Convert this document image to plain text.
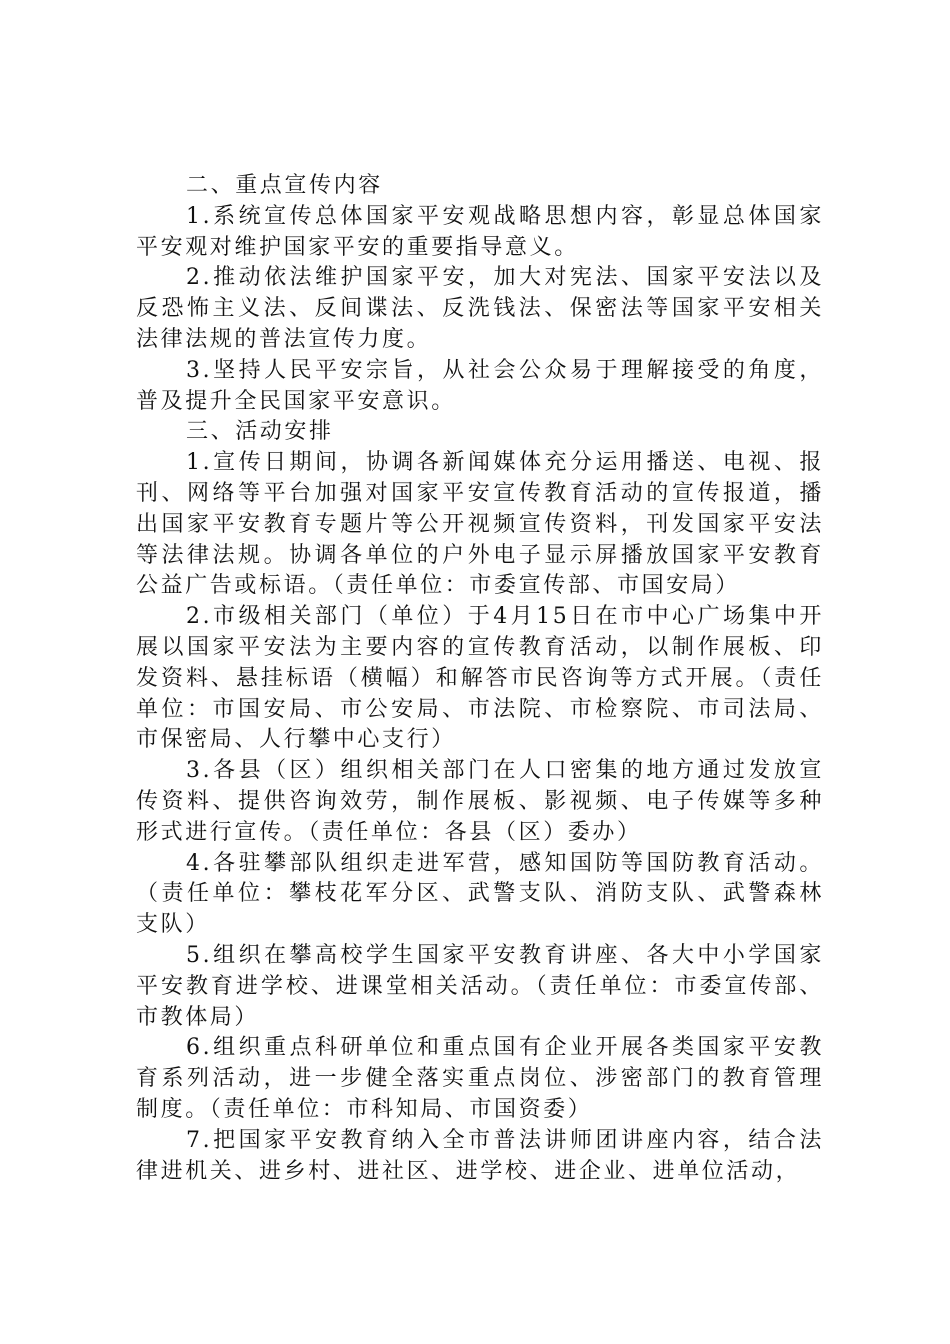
二、重点宣传内容

1.系统宣传总体国家平安观战略思想内容，彰显总体国家平安观对维护国家平安的重要指导意义。

2.推动依法维护国家平安，加大对宪法、国家平安法以及反恐怖主义法、反间谍法、反洗钱法、保密法等国家平安相关法律法规的普法宣传力度。

3.坚持人民平安宗旨，从社会公众易于理解接受的角度，普及提升全民国家平安意识。

三、活动安排

1.宣传日期间，协调各新闻媒体充分运用播送、电视、报刊、网络等平台加强对国家平安宣传教育活动的宣传报道，播出国家平安教育专题片等公开视频宣传资料，刊发国家平安法等法律法规。协调各单位的户外电子显示屏播放国家平安教育公益广告或标语。（责任单位：市委宣传部、市国安局）

2.市级相关部门（单位）于4月15日在市中心广场集中开展以国家平安法为主要内容的宣传教育活动，以制作展板、印发资料、悬挂标语（横幅）和解答市民咨询等方式开展。（责任单位：市国安局、市公安局、市法院、市检察院、市司法局、市保密局、人行攀中心支行）

3.各县（区）组织相关部门在人口密集的地方通过发放宣传资料、提供咨询效劳，制作展板、影视频、电子传媒等多种形式进行宣传。（责任单位：各县（区）委办）

4.各驻攀部队组织走进军营，感知国防等国防教育活动。（责任单位：攀枝花军分区、武警支队、消防支队、武警森林支队）

5.组织在攀高校学生国家平安教育讲座、各大中小学国家平安教育进学校、进课堂相关活动。（责任单位：市委宣传部、市教体局）

6.组织重点科研单位和重点国有企业开展各类国家平安教育系列活动，进一步健全落实重点岗位、涉密部门的教育管理制度。（责任单位：市科知局、市国资委）

7.把国家平安教育纳入全市普法讲师团讲座内容，结合法律进机关、进乡村、进社区、进学校、进企业、进单位活动，
